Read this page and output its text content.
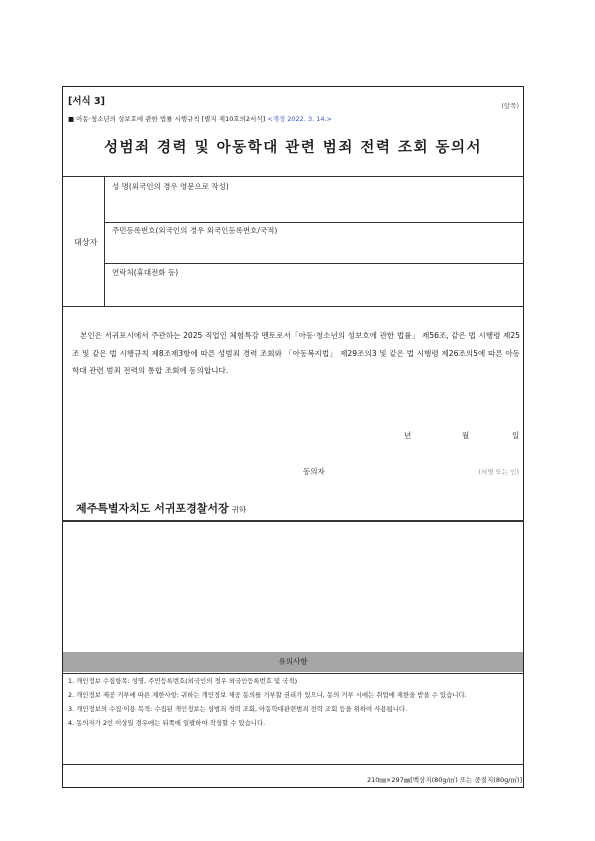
[서식 3]	(앞쪽)
■ 아동·청소년의 성보호에 관한 법률 시행규칙 [별지 제10호의2서식] <개정 2022. 3. 14.>
성범죄 경력 및 아동학대 관련 범죄 전력 조회 동의서
대상자
성 명(외국인의 경우 영문으로 작성)
주민등록번호(외국인의 경우 외국인등록번호/국적)
연락처(휴대전화 등)
본인은 서귀포시에서 주관하는 2025 직업인 체험특강 멘토로서「아동·청소년의 성보호에 관한 법률」 제56조, 같은 법 시행령 제25조 및 같은 법 시행규칙 제8조제3항에 따른 성범죄 경력 조회와 「아동복지법」 제29조의3 및 같은 법 시행령 제26조의5에 따른 아동학대 관련 범죄 전력의 통합 조회에 동의합니다.
년	월	일
동의자	(서명 또는 인)
제주특별자치도 서귀포경찰서장 귀하
유의사항
1. 개인정보 수집항목: 성명, 주민등록번호(외국인의 경우 외국인등록번호 및 국적)
2. 개인정보 제공 거부에 따른 제한사항: 귀하는 개인정보 제공 동의를 거부할 권리가 있으나, 동의 거부 시에는 취업에 제한을 받을 수 있습니다.
3. 개인정보의 수집·이용 목적: 수집된 개인정보는 성범죄 경력 조회, 아동학대관련범죄 전력 조회 등을 위하여 사용됩니다.
4. 동의자가 2인 이상일 경우에는 뒤쪽에 일괄하여 작성할 수 있습니다.
210㎜×297㎜[백상지(80g/㎡) 또는 중질지(80g/㎡)]
